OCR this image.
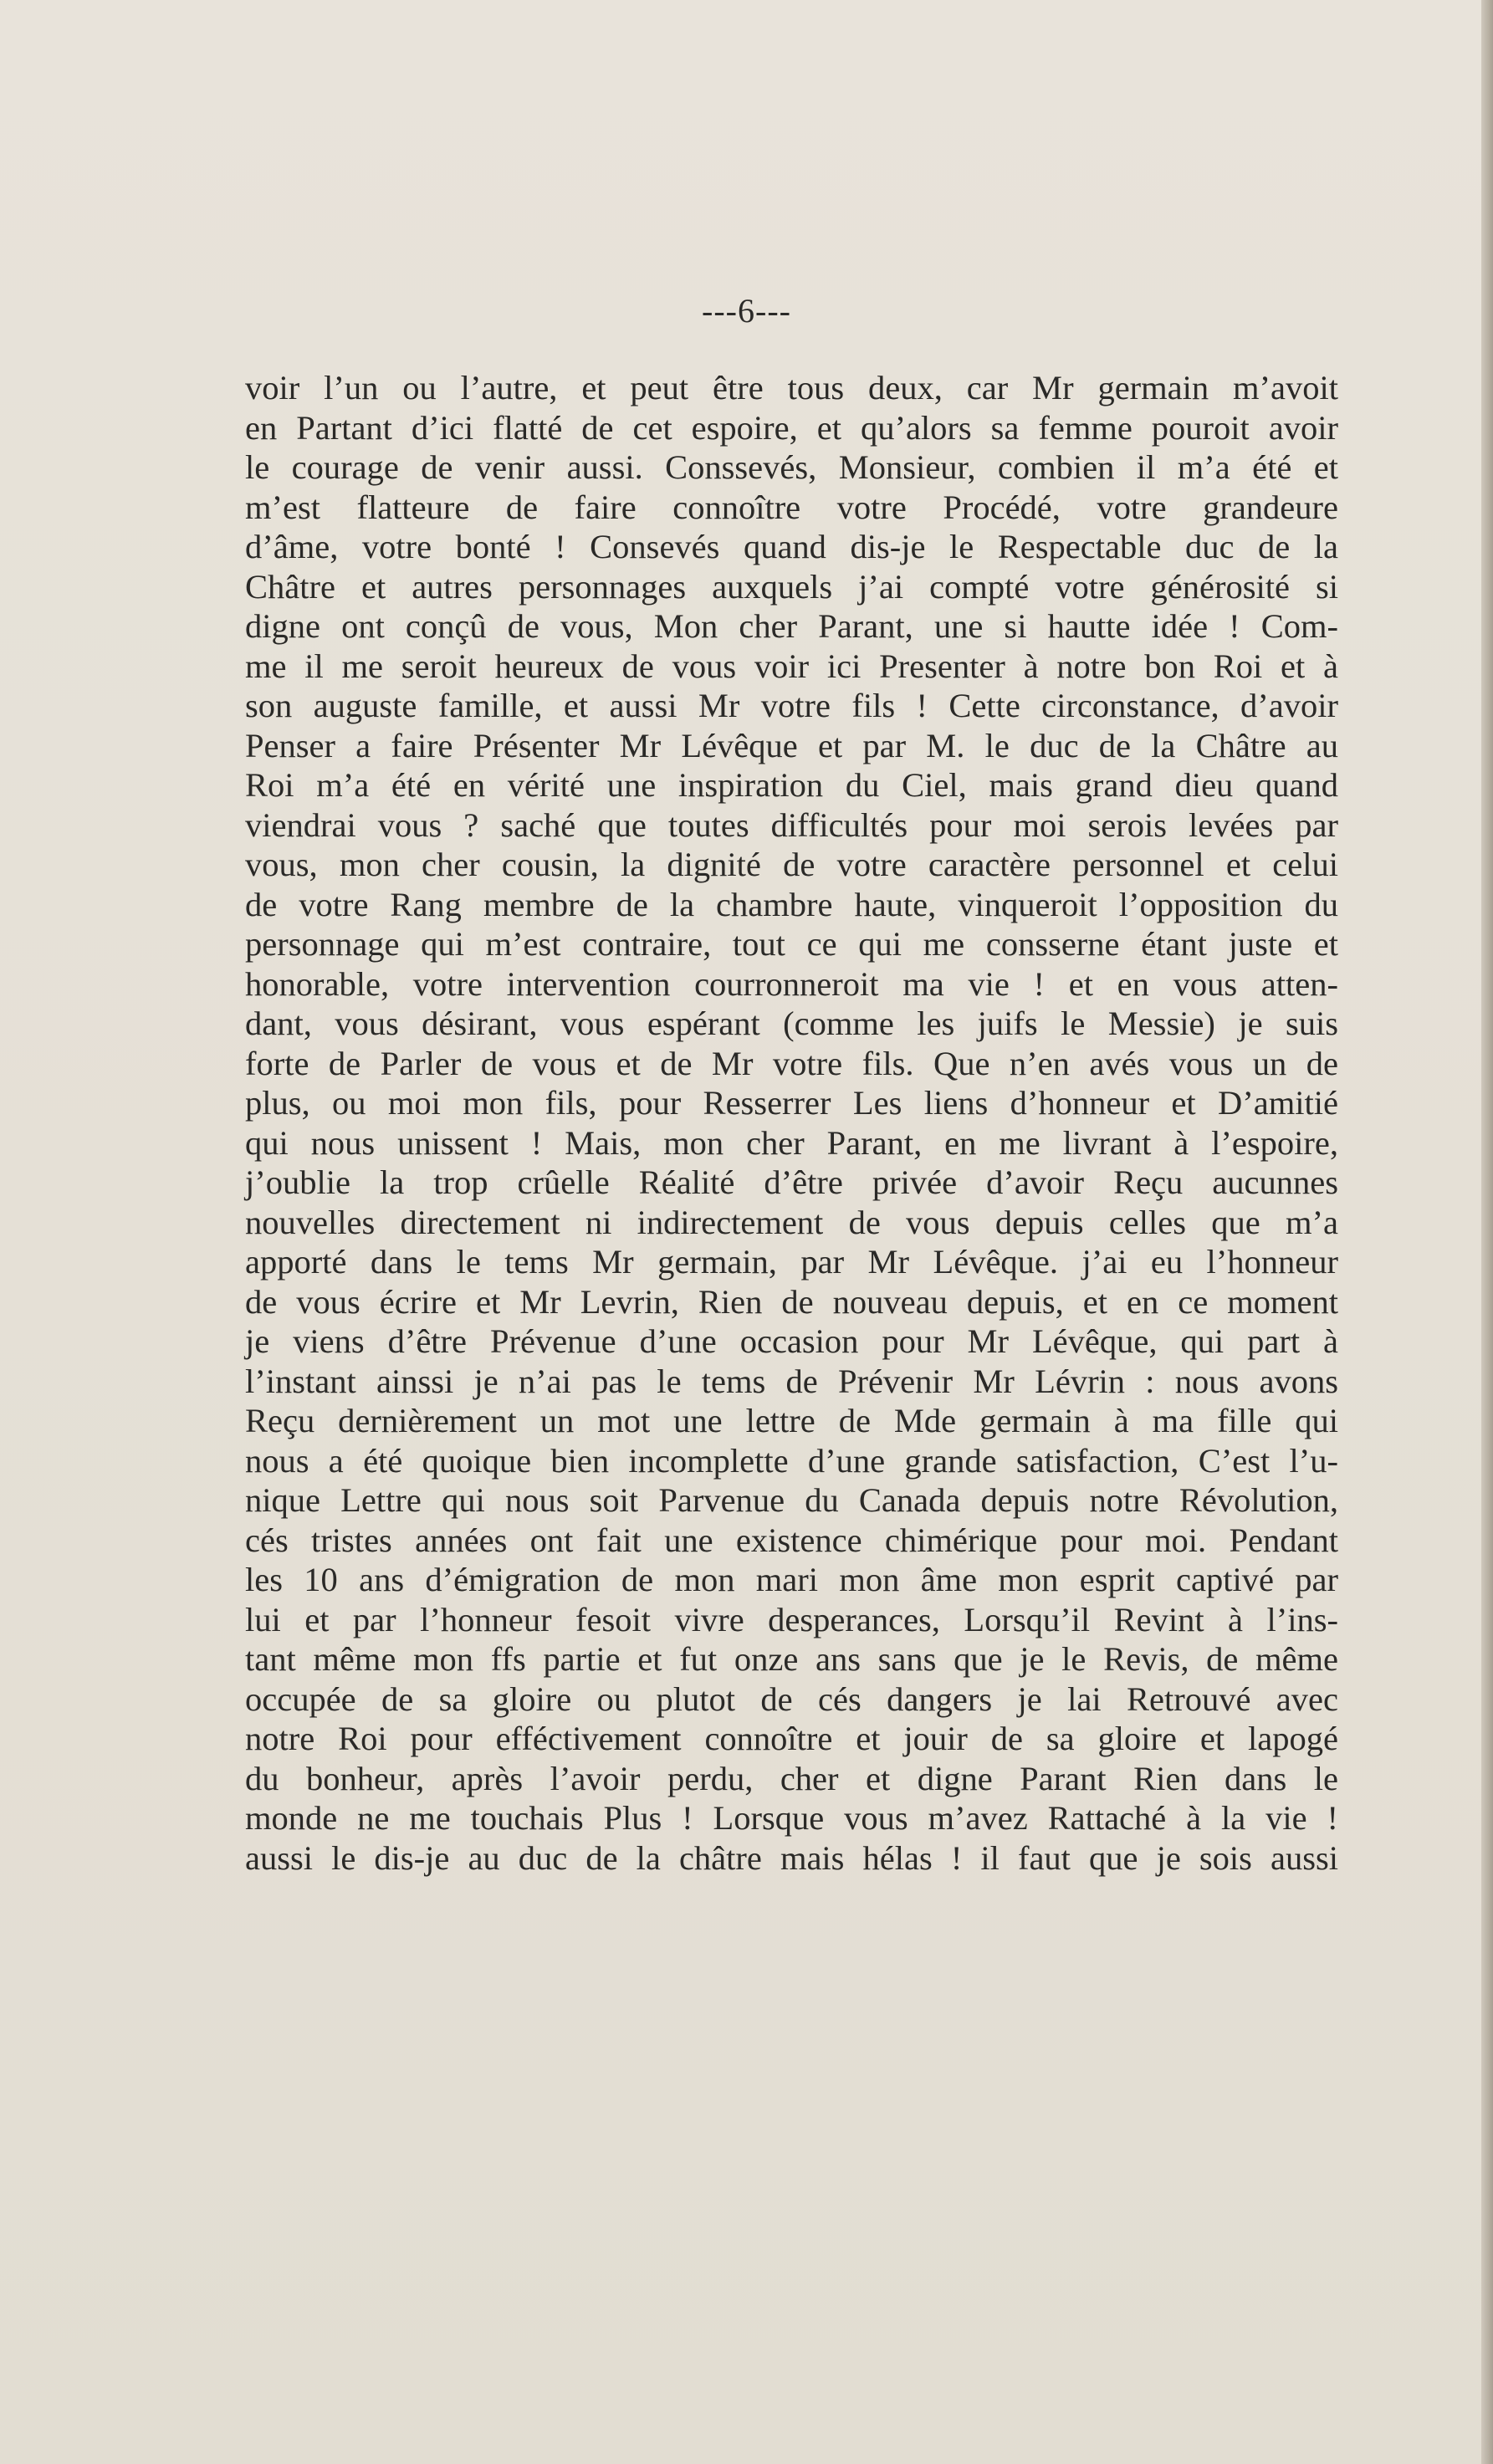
---6---
voir l’un ou l’autre, et peut être tous deux, car Mr germain m’avoit
en Partant d’ici flatté de cet espoire, et qu’alors sa femme pouroit avoir
le courage de venir aussi. Conssevés, Monsieur, combien il m’a été et
m’est flatteure de faire connoître votre Procédé, votre grandeure
d’âme, votre bonté ! Consevés quand dis-je le Respectable duc de la
Châtre et autres personnages auxquels j’ai compté votre générosité si
digne ont conçû de vous, Mon cher Parant, une si hautte idée ! Com-
me il me seroit heureux de vous voir ici Presenter à notre bon Roi et à
son auguste famille, et aussi Mr votre fils ! Cette circonstance, d’avoir
Penser a faire Présenter Mr Lévêque et par M. le duc de la Châtre au
Roi m’a été en vérité une inspiration du Ciel, mais grand dieu quand
viendrai vous ? saché que toutes difficultés pour moi serois levées par
vous, mon cher cousin, la dignité de votre caractère personnel et celui
de votre Rang membre de la chambre haute, vinqueroit l’opposition du
personnage qui m’est contraire, tout ce qui me consserne étant juste et
honorable, votre intervention courronneroit ma vie ! et en vous atten-
dant, vous désirant, vous espérant (comme les juifs le Messie) je suis
forte de Parler de vous et de Mr votre fils. Que n’en avés vous un de
plus, ou moi mon fils, pour Resserrer Les liens d’honneur et D’amitié
qui nous unissent ! Mais, mon cher Parant, en me livrant à l’espoire,
j’oublie la trop crûelle Réalité d’être privée d’avoir Reçu aucunnes
nouvelles directement ni indirectement de vous depuis celles que m’a
apporté dans le tems Mr germain, par Mr Lévêque. j’ai eu l’honneur
de vous écrire et Mr Levrin, Rien de nouveau depuis, et en ce moment
je viens d’être Prévenue d’une occasion pour Mr Lévêque, qui part à
l’instant ainssi je n’ai pas le tems de Prévenir Mr Lévrin : nous avons
Reçu dernièrement un mot une lettre de Mde germain à ma fille qui
nous a été quoique bien incomplette d’une grande satisfaction, C’est l’u-
nique Lettre qui nous soit Parvenue du Canada depuis notre Révolution,
cés tristes années ont fait une existence chimérique pour moi. Pendant
les 10 ans d’émigration de mon mari mon âme mon esprit captivé par
lui et par l’honneur fesoit vivre desperances, Lorsqu’il Revint à l’ins-
tant même mon ffs partie et fut onze ans sans que je le Revis, de même
occupée de sa gloire ou plutot de cés dangers je lai Retrouvé avec
notre Roi pour efféctivement connoître et jouir de sa gloire et lapogé
du bonheur, après l’avoir perdu, cher et digne Parant Rien dans le
monde ne me touchais Plus ! Lorsque vous m’avez Rattaché à la vie !
aussi le dis-je au duc de la châtre mais hélas ! il faut que je sois aussi
